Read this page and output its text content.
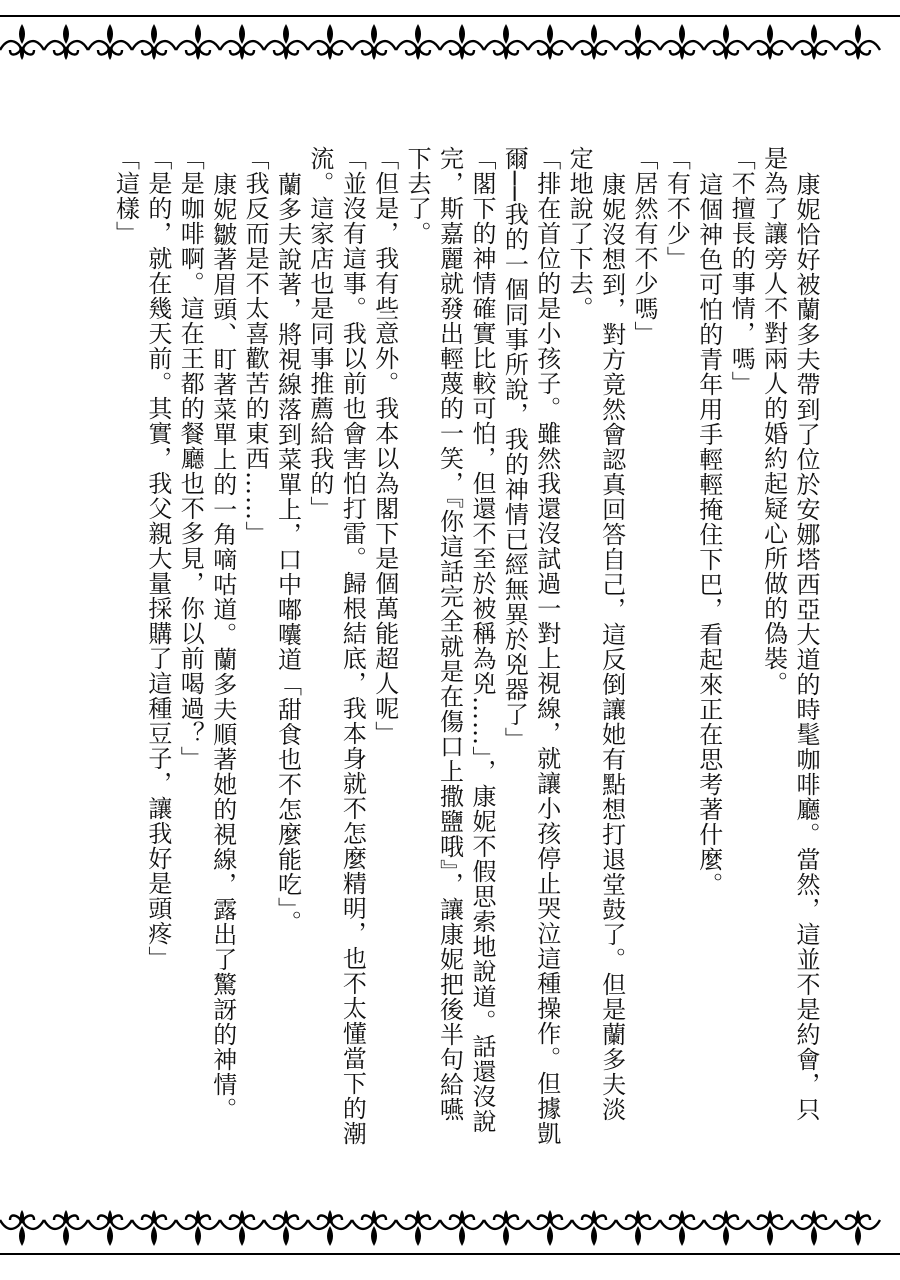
康妮恰好被蘭多夫帶到了位於安娜塔西亞大道的時髦咖啡廳。當然，這並不是約會，只是為了讓旁人不對兩人的婚約起疑心所做的偽裝。

「不擅長的事情，嗎」

這個神色可怕的青年用手輕輕掩住下巴，看起來正在思考著什麼。

「有不少」

「居然有不少嗎」

康妮沒想到，對方竟然會認真回答自己，這反倒讓她有點想打退堂鼓了。但是蘭多夫淡定地說了下去。

「排在首位的是小孩子。雖然我還沒試過一對上視線，就讓小孩停止哭泣這種操作。但據凱爾──我的一個同事所說，我的神情已經無異於兇器了」

「閣下的神情確實比較可怕，但還不至於被稱為兇……」，康妮不假思索地說道。話還沒說完，斯嘉麗就發出輕蔑的一笑，『你這話完全就是在傷口上撒鹽哦』，讓康妮把後半句給嚥下去了。

「但是，我有些意外。我本以為閣下是個萬能超人呢」

「並沒有這事。我以前也會害怕打雷。歸根結底，我本身就不怎麼精明，也不太懂當下的潮流。這家店也是同事推薦給我的」

蘭多夫說著，將視線落到菜單上，口中嘟囔道「甜食也不怎麼能吃」。

「我反而是不太喜歡苦的東西……」

康妮皺著眉頭、盯著菜單上的一角嘀咕道。蘭多夫順著她的視線，露出了驚訝的神情。

「是咖啡啊。這在王都的餐廳也不多見，你以前喝過？」

「是的，就在幾天前。其實，我父親大量採購了這種豆子，讓我好是頭疼」

「這樣」
